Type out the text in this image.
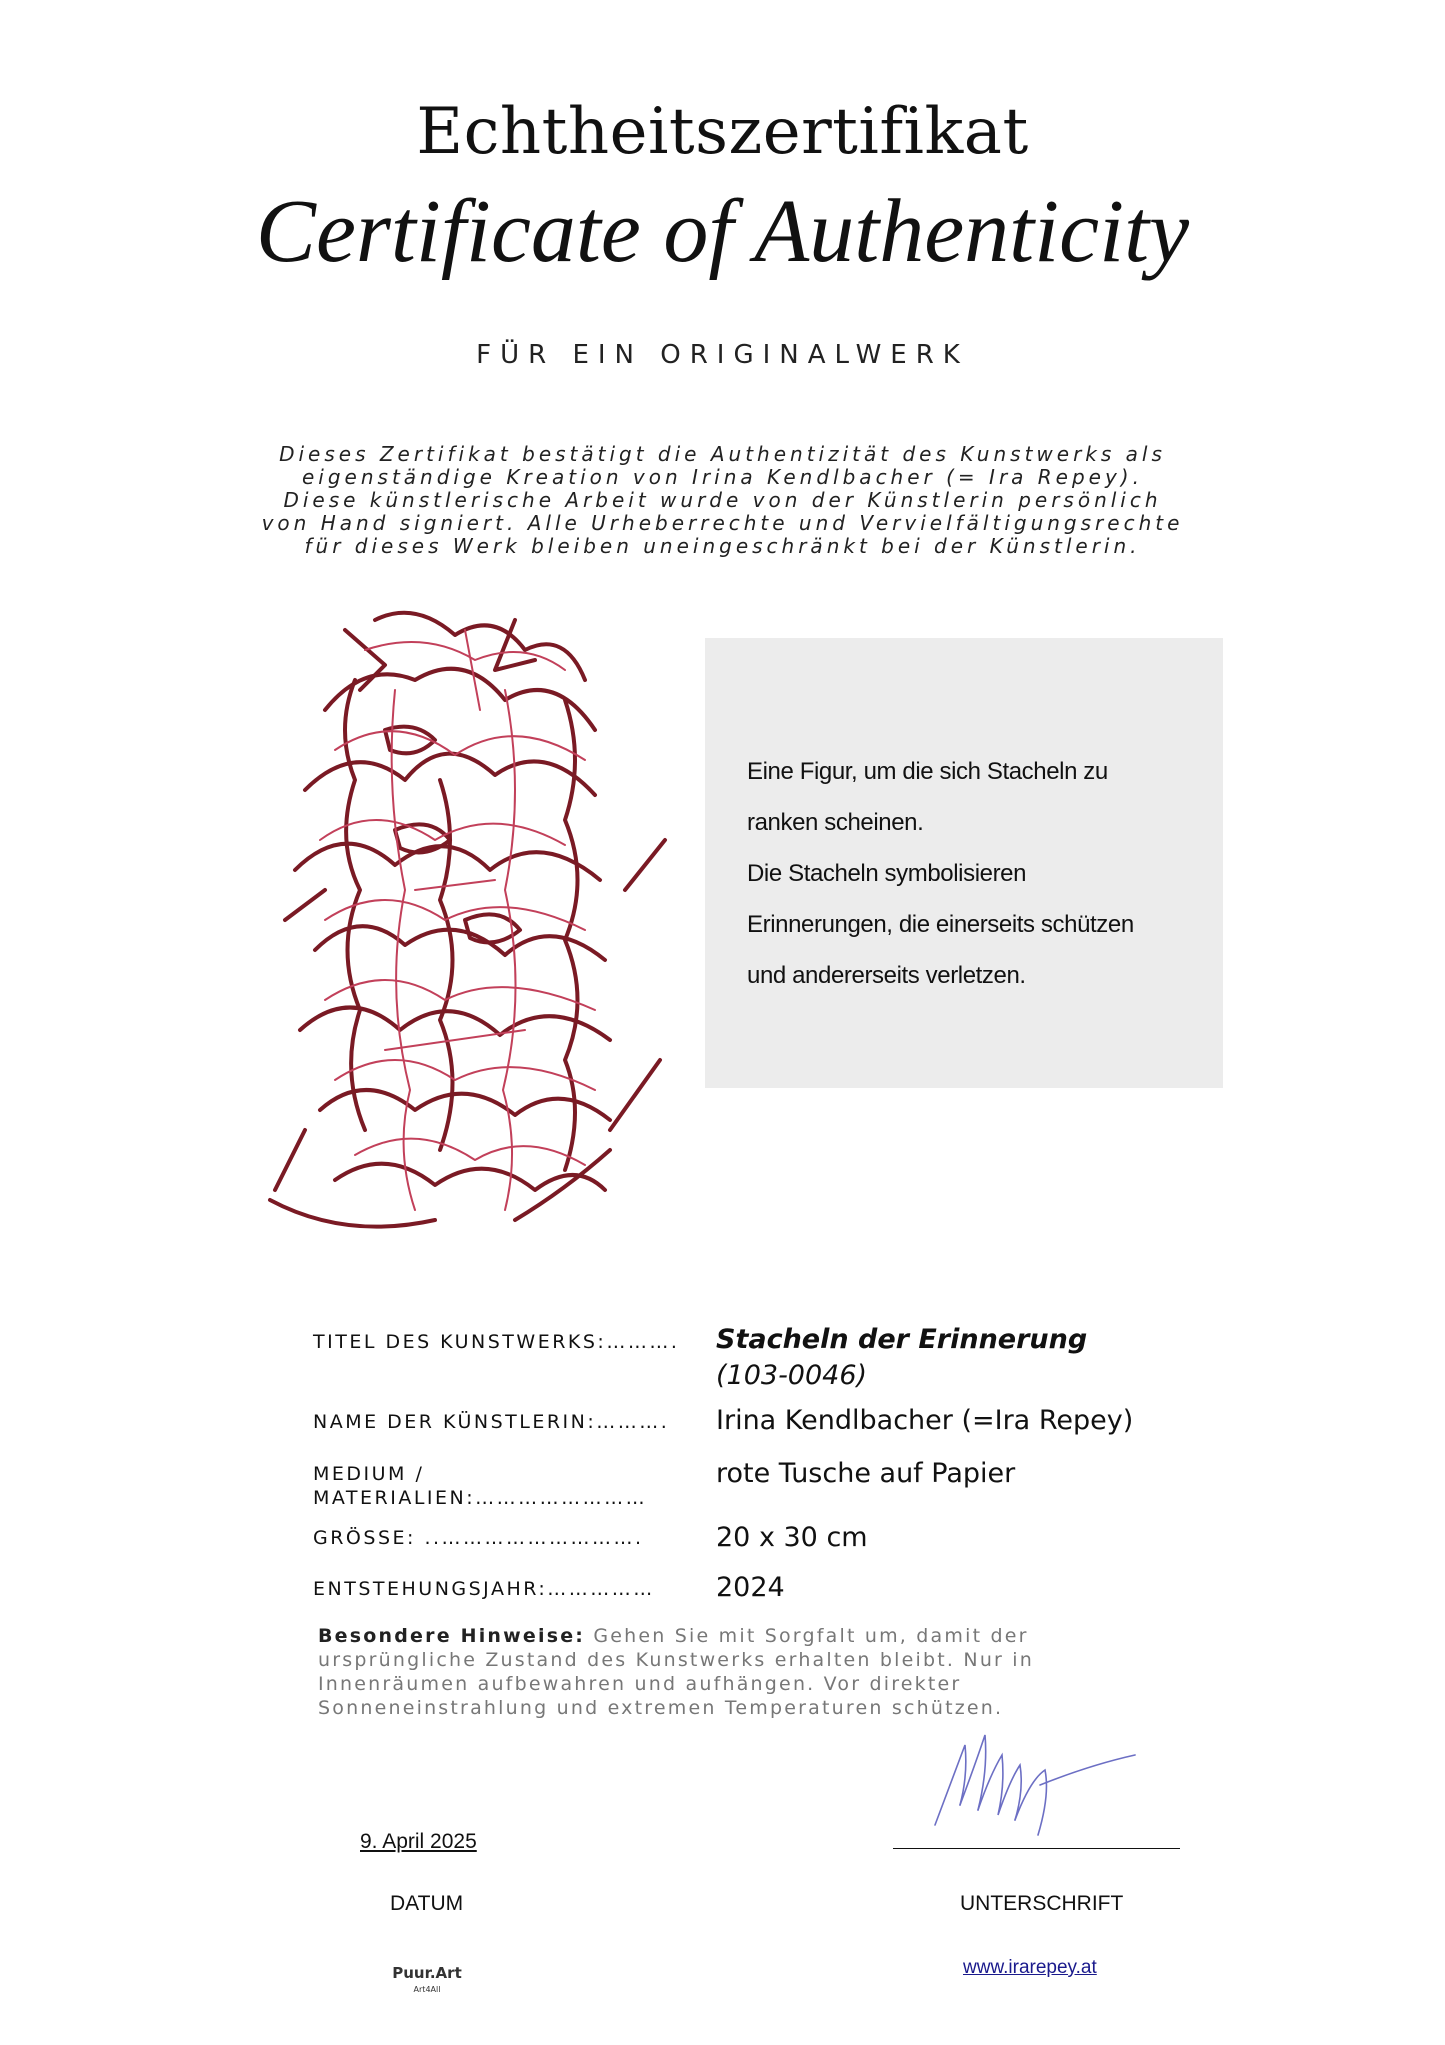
Echtheitszertifikat
Certificate of Authenticity
FÜR EIN ORIGINALWERK
Dieses Zertifikat bestätigt die Authentizität des Kunstwerks als
eigenständige Kreation von Irina Kendlbacher (= Ira Repey).
Diese künstlerische Arbeit wurde von der Künstlerin persönlich
von Hand signiert. Alle Urheberrechte und Vervielfältigungsrechte
für dieses Werk bleiben uneingeschränkt bei der Künstlerin.
Eine Figur, um die sich Stacheln zu
ranken scheinen.
Die Stacheln symbolisieren
Erinnerungen, die einerseits schützen
und andererseits verletzen.
TITEL DES KUNSTWERKS:……….	Stacheln der Erinnerung (103-0046)
NAME DER KÜNSTLERIN:……….	Irina Kendlbacher (=Ira Repey)
MEDIUM /
MATERIALIEN:……………………
rote Tusche auf Papier
GRÖSSE: ..……………………….	20 x 30 cm
ENTSTEHUNGSJAHR:……………	2024
Besondere Hinweise: Gehen Sie mit Sorgfalt um, damit der ursprüngliche Zustand des Kunstwerks erhalten bleibt. Nur in Innenräumen aufbewahren und aufhängen. Vor direkter Sonneneinstrahlung und extremen Temperaturen schützen.
9. April 2025
DATUM	UNTERSCHRIFT
Puur.Art
Art4All
www.irarepey.at
